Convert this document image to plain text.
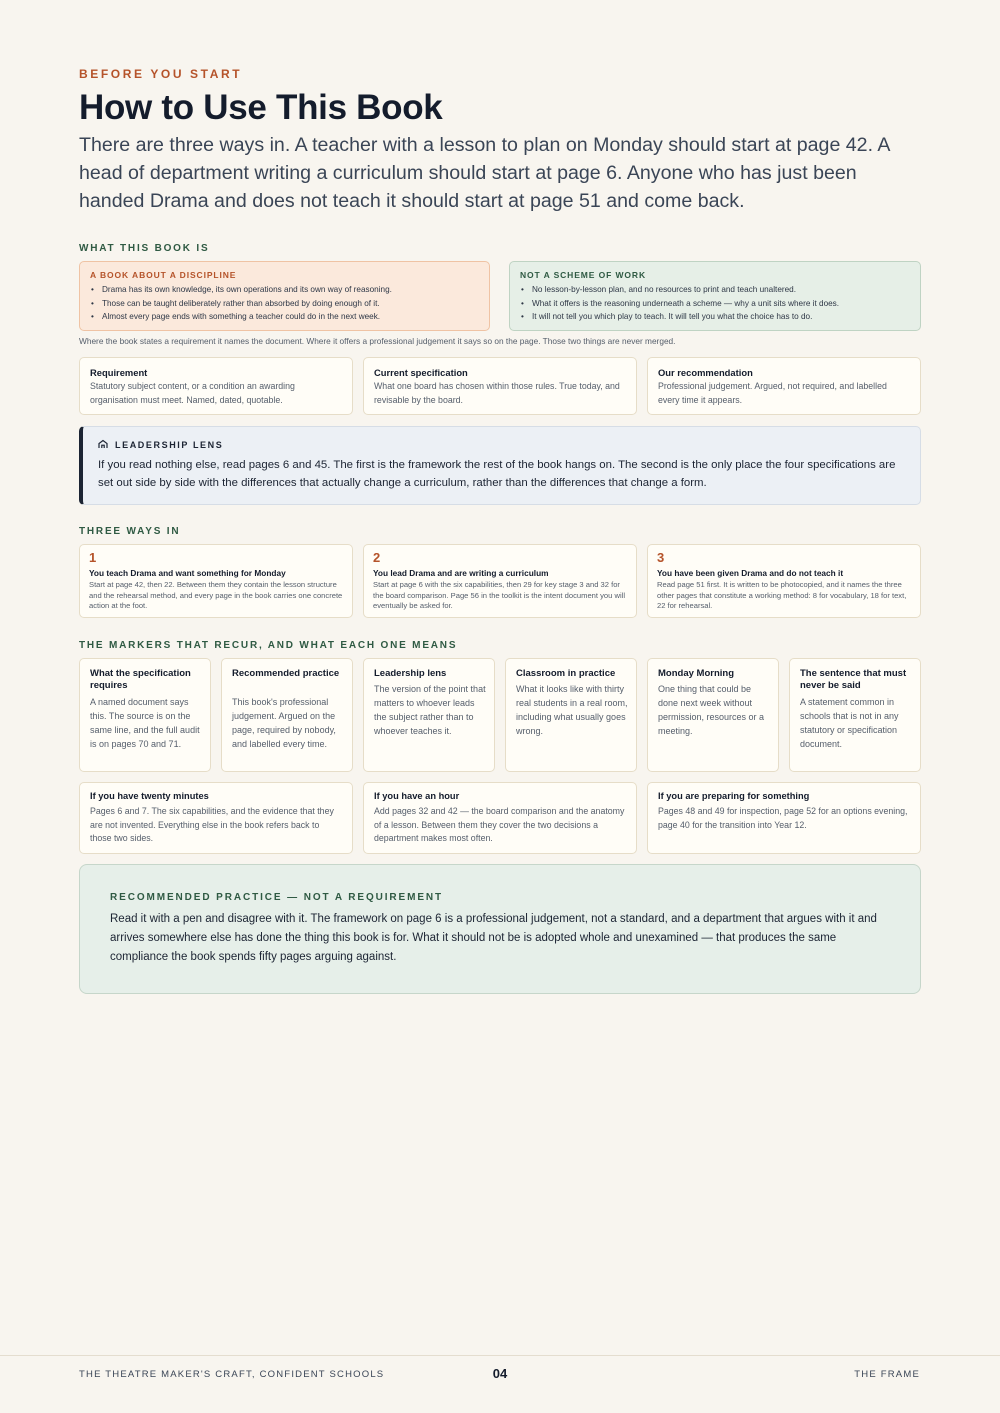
BEFORE YOU START
How to Use This Book

There are three ways in. A teacher with a lesson to plan on Monday should start at page 42. A head of department writing a curriculum should start at page 6. Anyone who has just been handed Drama and does not teach it should start at page 51 and come back.

WHAT THIS BOOK IS
A BOOK ABOUT A DISCIPLINE
• Drama has its own knowledge, its own operations and its own way of reasoning.
• Those can be taught deliberately rather than absorbed by doing enough of it.
• Almost every page ends with something a teacher could do in the next week.
NOT A SCHEME OF WORK
• No lesson-by-lesson plan, and no resources to print and teach unaltered.
• What it offers is the reasoning underneath a scheme — why a unit sits where it does.
• It will not tell you which play to teach. It will tell you what the choice has to do.
Where the book states a requirement it names the document. Where it offers a professional judgement it says so on the page. Those two things are never merged.
Requirement
Statutory subject content, or a condition an awarding organisation must meet. Named, dated, quotable.
Current specification
What one board has chosen within those rules. True today, and revisable by the board.
Our recommendation
Professional judgement. Argued, not required, and labelled every time it appears.
LEADERSHIP LENS
If you read nothing else, read pages 6 and 45. The first is the framework the rest of the book hangs on. The second is the only place the four specifications are set out side by side with the differences that actually change a curriculum, rather than the differences that change a form.
THREE WAYS IN
1
You teach Drama and want something for Monday
Start at page 42, then 22. Between them they contain the lesson structure and the rehearsal method, and every page in the book carries one concrete action at the foot.
2
You lead Drama and are writing a curriculum
Start at page 6 with the six capabilities, then 29 for key stage 3 and 32 for the board comparison. Page 56 in the toolkit is the intent document you will eventually be asked for.
3
You have been given Drama and do not teach it
Read page 51 first. It is written to be photocopied, and it names the three other pages that constitute a working method: 8 for vocabulary, 18 for text, 22 for rehearsal.
THE MARKERS THAT RECUR, AND WHAT EACH ONE MEANS
What the specification requires
A named document says this. The source is on the same line, and the full audit is on pages 70 and 71.
Recommended practice
This book's professional judgement. Argued on the page, required by nobody, and labelled every time.
Leadership lens
The version of the point that matters to whoever leads the subject rather than to whoever teaches it.
Classroom in practice
What it looks like with thirty real students in a real room, including what usually goes wrong.
Monday Morning
One thing that could be done next week without permission, resources or a meeting.
The sentence that must never be said
A statement common in schools that is not in any statutory or specification document.
If you have twenty minutes
Pages 6 and 7. The six capabilities, and the evidence that they are not invented. Everything else in the book refers back to those two sides.
If you have an hour
Add pages 32 and 42 — the board comparison and the anatomy of a lesson. Between them they cover the two decisions a department makes most often.
If you are preparing for something
Pages 48 and 49 for inspection, page 52 for an options evening, page 40 for the transition into Year 12.
RECOMMENDED PRACTICE — NOT A REQUIREMENT
Read it with a pen and disagree with it. The framework on page 6 is a professional judgement, not a standard, and a department that argues with it and arrives somewhere else has done the thing this book is for. What it should not be is adopted whole and unexamined — that produces the same compliance the book spends fifty pages arguing against.
THE THEATRE MAKER'S CRAFT, CONFIDENT SCHOOLS	04	THE FRAME
